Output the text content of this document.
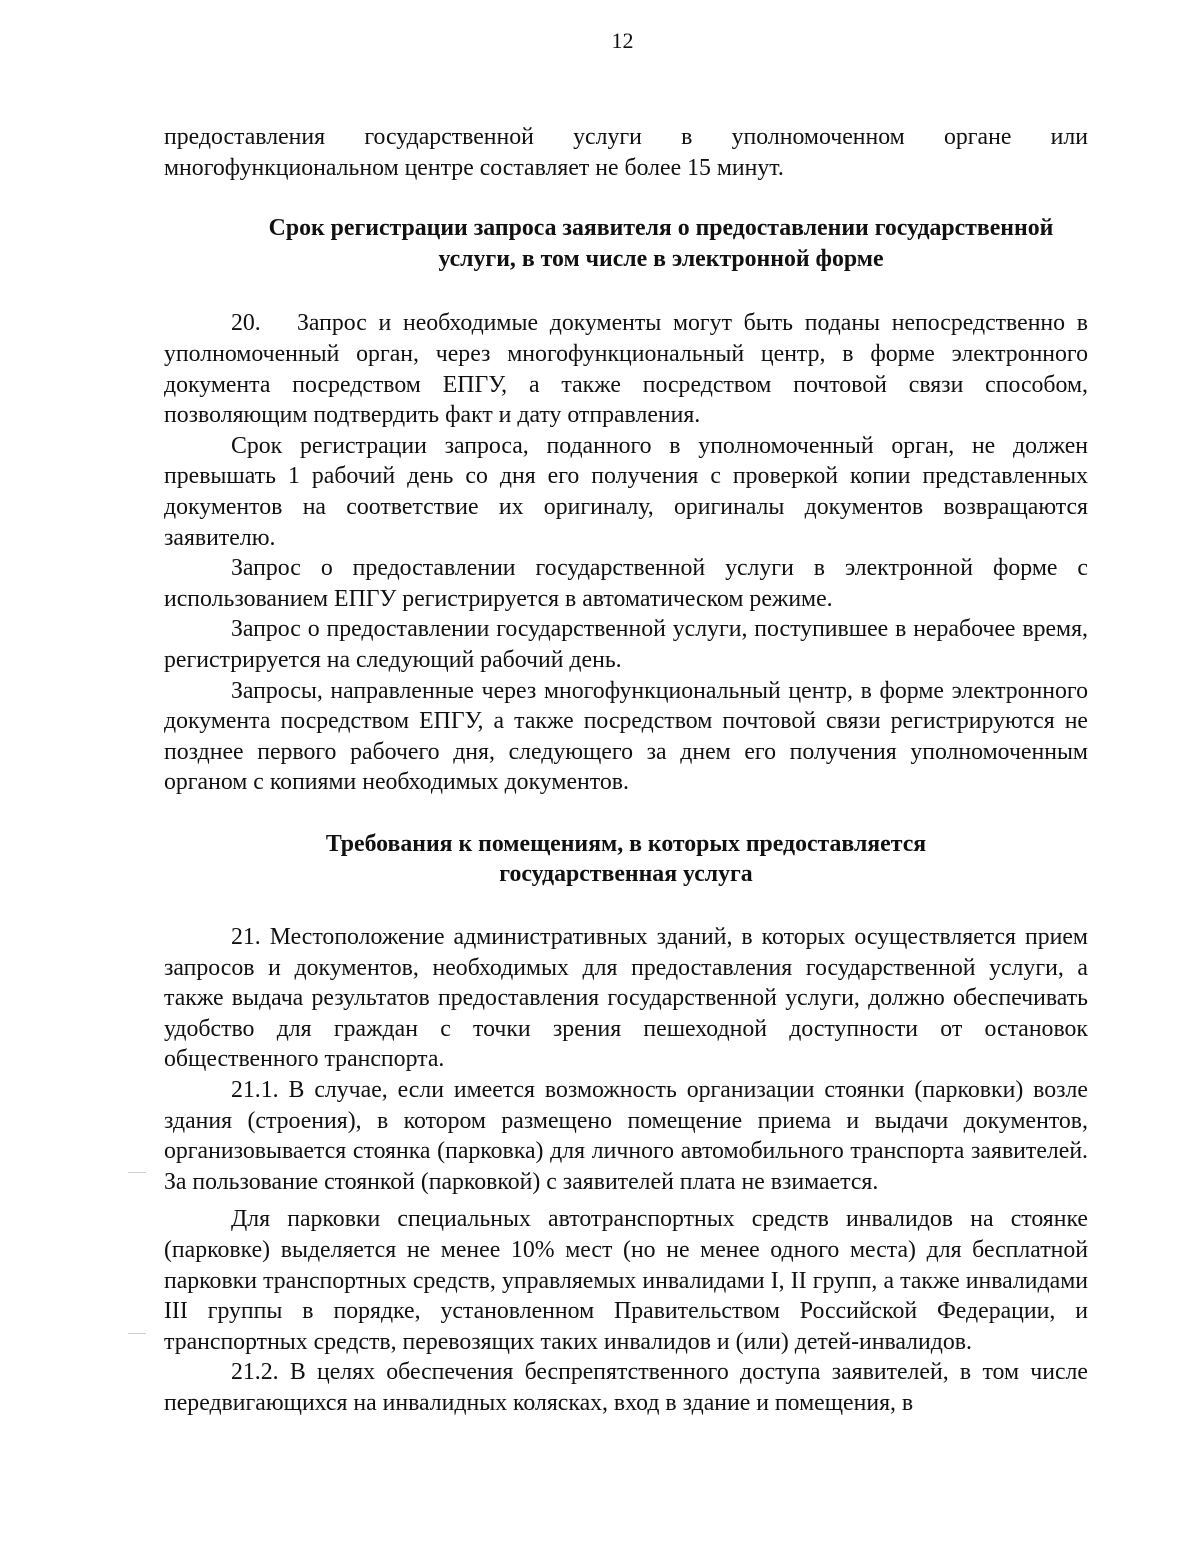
12

предоставления государственной услуги в уполномоченном органе или многофункциональном центре составляет не более 15 минут.

Срок регистрации запроса заявителя о предоставлении государственной услуги, в том числе в электронной форме

20. Запрос и необходимые документы могут быть поданы непосредственно в уполномоченный орган, через многофункциональный центр, в форме электронного документа посредством ЕПГУ, а также посредством почтовой связи способом, позволяющим подтвердить факт и дату отправления.

Срок регистрации запроса, поданного в уполномоченный орган, не должен превышать 1 рабочий день со дня его получения с проверкой копии представленных документов на соответствие их оригиналу, оригиналы документов возвращаются заявителю.

Запрос о предоставлении государственной услуги в электронной форме с использованием ЕПГУ регистрируется в автоматическом режиме.

Запрос о предоставлении государственной услуги, поступившее в нерабочее время, регистрируется на следующий рабочий день.

Запросы, направленные через многофункциональный центр, в форме электронного документа посредством ЕПГУ, а также посредством почтовой связи регистрируются не позднее первого рабочего дня, следующего за днем его получения уполномоченным органом с копиями необходимых документов.

Требования к помещениям, в которых предоставляется государственная услуга

21. Местоположение административных зданий, в которых осуществляется прием запросов и документов, необходимых для предоставления государственной услуги, а также выдача результатов предоставления государственной услуги, должно обеспечивать удобство для граждан с точки зрения пешеходной доступности от остановок общественного транспорта.

21.1. В случае, если имеется возможность организации стоянки (парковки) возле здания (строения), в котором размещено помещение приема и выдачи документов, организовывается стоянка (парковка) для личного автомобильного транспорта заявителей. За пользование стоянкой (парковкой) с заявителей плата не взимается.

Для парковки специальных автотранспортных средств инвалидов на стоянке (парковке) выделяется не менее 10% мест (но не менее одного места) для бесплатной парковки транспортных средств, управляемых инвалидами I, II групп, а также инвалидами III группы в порядке, установленном Правительством Российской Федерации, и транспортных средств, перевозящих таких инвалидов и (или) детей-инвалидов.

21.2. В целях обеспечения беспрепятственного доступа заявителей, в том числе передвигающихся на инвалидных колясках, вход в здание и помещения, в
